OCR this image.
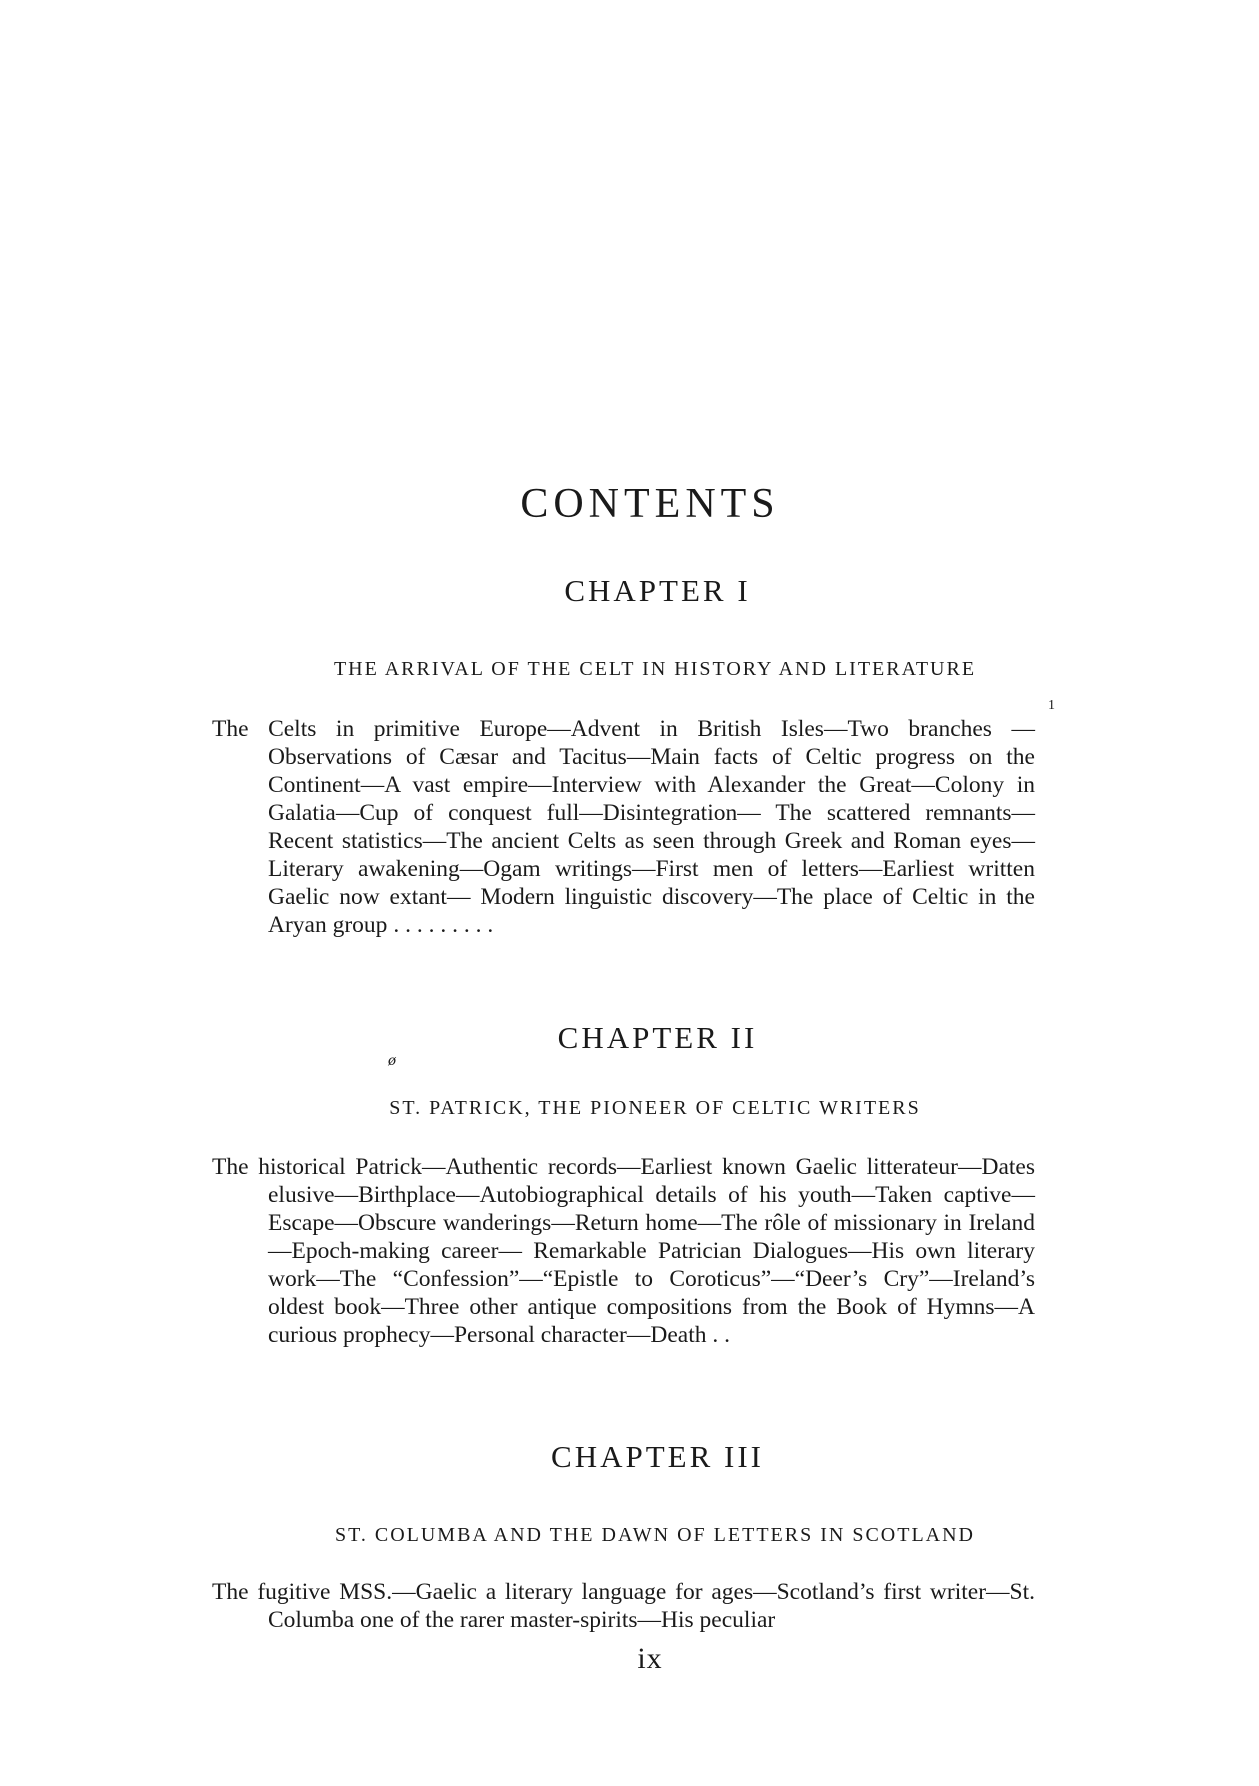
CONTENTS
CHAPTER I
THE ARRIVAL OF THE CELT IN HISTORY AND LITERATURE
1

The Celts in primitive Europe—Advent in British Isles—Two branches —Observations of Cæsar and Tacitus—Main facts of Celtic progress on the Continent—A vast empire—Interview with Alexander the Great—Colony in Galatia—Cup of conquest full—Disintegration— The scattered remnants—Recent statistics—The ancient Celts as seen through Greek and Roman eyes—Literary awakening—Ogam writings—First men of letters—Earliest written Gaelic now extant— Modern linguistic discovery—The place of Celtic in the Aryan group . . . . . . . . .

CHAPTER II
ø
ST. PATRICK, THE PIONEER OF CELTIC WRITERS

The historical Patrick—Authentic records—Earliest known Gaelic litterateur—Dates elusive—Birthplace—Autobiographical details of his youth—Taken captive—Escape—Obscure wanderings—Return home—The rôle of missionary in Ireland—Epoch-making career— Remarkable Patrician Dialogues—His own literary work—The “Confession”—“Epistle to Coroticus”—“Deer’s Cry”—Ireland’s oldest book—Three other antique compositions from the Book of Hymns—A curious prophecy—Personal character—Death . .

CHAPTER III
ST. COLUMBA AND THE DAWN OF LETTERS IN SCOTLAND

The fugitive MSS.—Gaelic a literary language for ages—Scotland’s first writer—St. Columba one of the rarer master-spirits—His peculiar

ix
